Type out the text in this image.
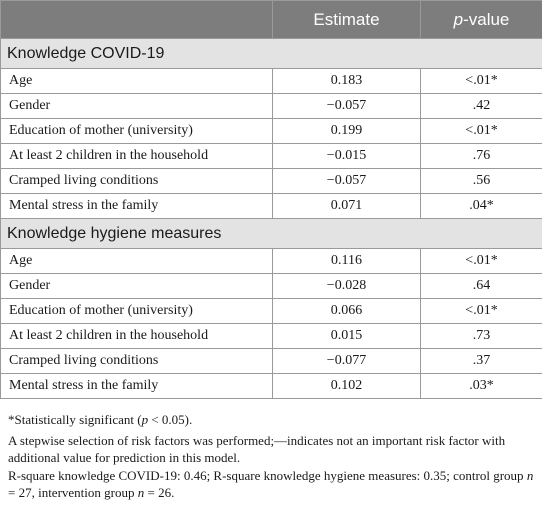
	Estimate	p-value
Knowledge COVID-19		
Age	0.183	<.01*
Gender	−0.057	.42
Education of mother (university)	0.199	<.01*
At least 2 children in the household	−0.015	.76
Cramped living conditions	−0.057	.56
Mental stress in the family	0.071	.04*
Knowledge hygiene measures		
Age	0.116	<.01*
Gender	−0.028	.64
Education of mother (university)	0.066	<.01*
At least 2 children in the household	0.015	.73
Cramped living conditions	−0.077	.37
Mental stress in the family	0.102	.03*

*Statistically significant (p < 0.05).

A stepwise selection of risk factors was performed;—indicates not an important risk factor with additional value for prediction in this model.

R-square knowledge COVID-19: 0.46; R-square knowledge hygiene measures: 0.35; control group n = 27, intervention group n = 26.
